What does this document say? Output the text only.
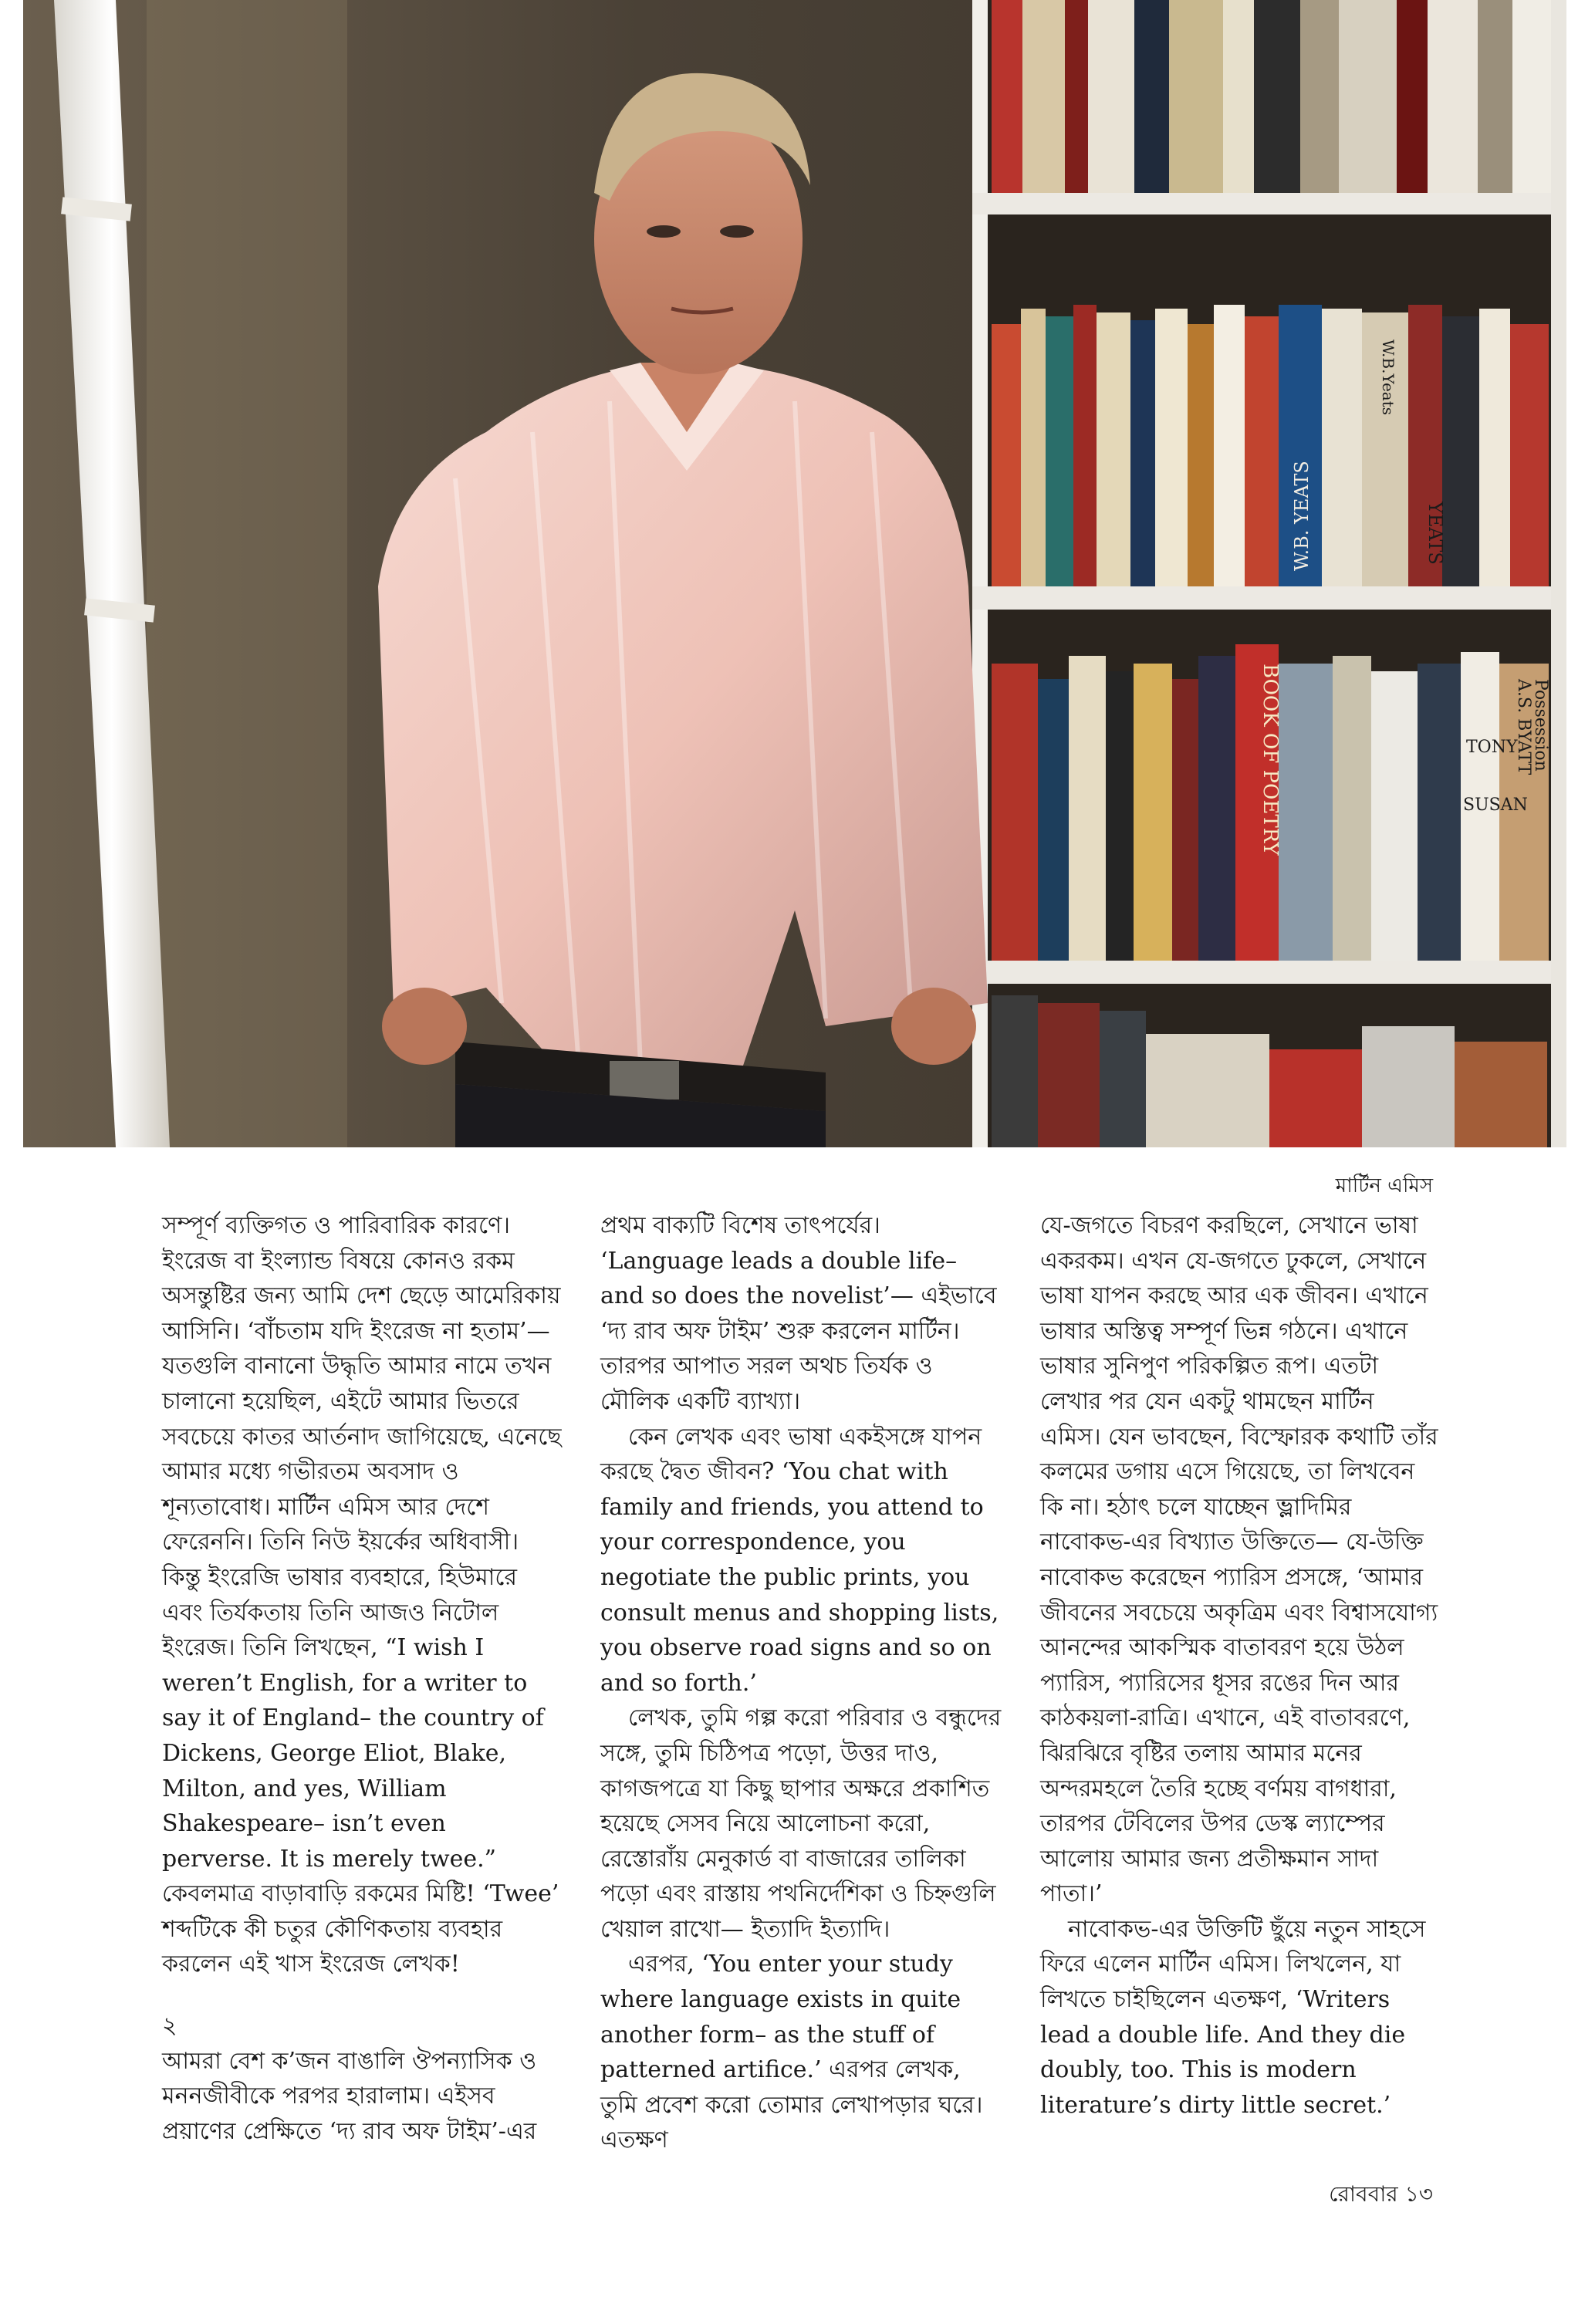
W.B. YEATS	YEATS
W.B.Yeats
BOOK OF POETRY	A.S. BYATT
Possession
TONY
SUSAN
মার্টিন এমিস

সম্পূর্ণ ব্যক্তিগত ও পারিবারিক কারণে। ইংরেজ বা ইংল্যান্ড বিষয়ে কোনও রকম অসন্তুষ্টির জন্য আমি দেশ ছেড়ে আমেরিকায় আসিনি। ‘বাঁচতাম যদি ইংরেজ না হতাম’— যতগুলি বানানো উদ্ধৃতি আমার নামে তখন চালানো হয়েছিল, এইটে আমার ভিতরে সবচেয়ে কাতর আর্তনাদ জাগিয়েছে, এনেছে আমার মধ্যে গভীরতম অবসাদ ও শূন্যতাবোধ। মার্টিন এমিস আর দেশে ফেরেননি। তিনি নিউ ইয়র্কের অধিবাসী। কিন্তু ইংরেজি ভাষার ব্যবহারে, হিউমারে এবং তির্যকতায় তিনি আজও নিটোল ইংরেজ। তিনি লিখছেন, “I wish I weren’t English, for a writer to say it of England– the country of Dickens, George Eliot, Blake, Milton, and yes, William Shakespeare– isn’t even perverse. It is merely twee.” কেবলমাত্র বাড়াবাড়ি রকমের মিষ্টি! ‘Twee’ শব্দটিকে কী চতুর কৌণিকতায় ব্যবহার করলেন এই খাস ইংরেজ লেখক!

২

আমরা বেশ ক’জন বাঙালি ঔপন্যাসিক ও মননজীবীকে পরপর হারালাম। এইসব প্রয়াণের প্রেক্ষিতে ‘দ্য রাব অফ টাইম’-এর

প্রথম বাক্যটি বিশেষ তাৎপর্যের। ‘Language leads a double life– and so does the novelist’— এইভাবে ‘দ্য রাব অফ টাইম’ শুরু করলেন মার্টিন। তারপর আপাত সরল অথচ তির্যক ও মৌলিক একটি ব্যাখ্যা।

কেন লেখক এবং ভাষা একইসঙ্গে যাপন করছে দ্বৈত জীবন? ‘You chat with family and friends, you attend to your correspondence, you negotiate the public prints, you consult menus and shopping lists, you observe road signs and so on and so forth.’

লেখক, তুমি গল্প করো পরিবার ও বন্ধুদের সঙ্গে, তুমি চিঠিপত্র পড়ো, উত্তর দাও, কাগজপত্রে যা কিছু ছাপার অক্ষরে প্রকাশিত হয়েছে সেসব নিয়ে আলোচনা করো, রেস্তোরাঁয় মেনুকার্ড বা বাজারের তালিকা পড়ো এবং রাস্তায় পথনির্দেশিকা ও চিহ্নগুলি খেয়াল রাখো— ইত্যাদি ইত্যাদি।

এরপর, ‘You enter your study where language exists in quite another form– as the stuff of patterned artifice.’ এরপর লেখক, তুমি প্রবেশ করো তোমার লেখাপড়ার ঘরে। এতক্ষণ

যে-জগতে বিচরণ করছিলে, সেখানে ভাষা একরকম। এখন যে-জগতে ঢুকলে, সেখানে ভাষা যাপন করছে আর এক জীবন। এখানে ভাষার অস্তিত্ব সম্পূর্ণ ভিন্ন গঠনে। এখানে ভাষার সুনিপুণ পরিকল্পিত রূপ। এতটা লেখার পর যেন একটু থামছেন মার্টিন এমিস। যেন ভাবছেন, বিস্ফোরক কথাটি তাঁর কলমের ডগায় এসে গিয়েছে, তা লিখবেন কি না। হঠাৎ চলে যাচ্ছেন ভ্লাদিমির নাবোকভ-এর বিখ্যাত উক্তিতে— যে-উক্তি নাবোকভ করেছেন প্যারিস প্রসঙ্গে, ‘আমার জীবনের সবচেয়ে অকৃত্রিম এবং বিশ্বাসযোগ্য আনন্দের আকস্মিক বাতাবরণ হয়ে উঠল প্যারিস, প্যারিসের ধূসর রঙের দিন আর কাঠকয়লা-রাত্রি। এখানে, এই বাতাবরণে, ঝিরঝিরে বৃষ্টির তলায় আমার মনের অন্দরমহলে তৈরি হচ্ছে বর্ণময় বাগধারা, তারপর টেবিলের উপর ডেস্ক ল্যাম্পের আলোয় আমার জন্য প্রতীক্ষমান সাদা পাতা।’

নাবোকভ-এর উক্তিটি ছুঁয়ে নতুন সাহসে ফিরে এলেন মার্টিন এমিস। লিখলেন, যা লিখতে চাইছিলেন এতক্ষণ, ‘Writers lead a double life. And they die doubly, too. This is modern literature’s dirty little secret.’

রোববার ১৩
